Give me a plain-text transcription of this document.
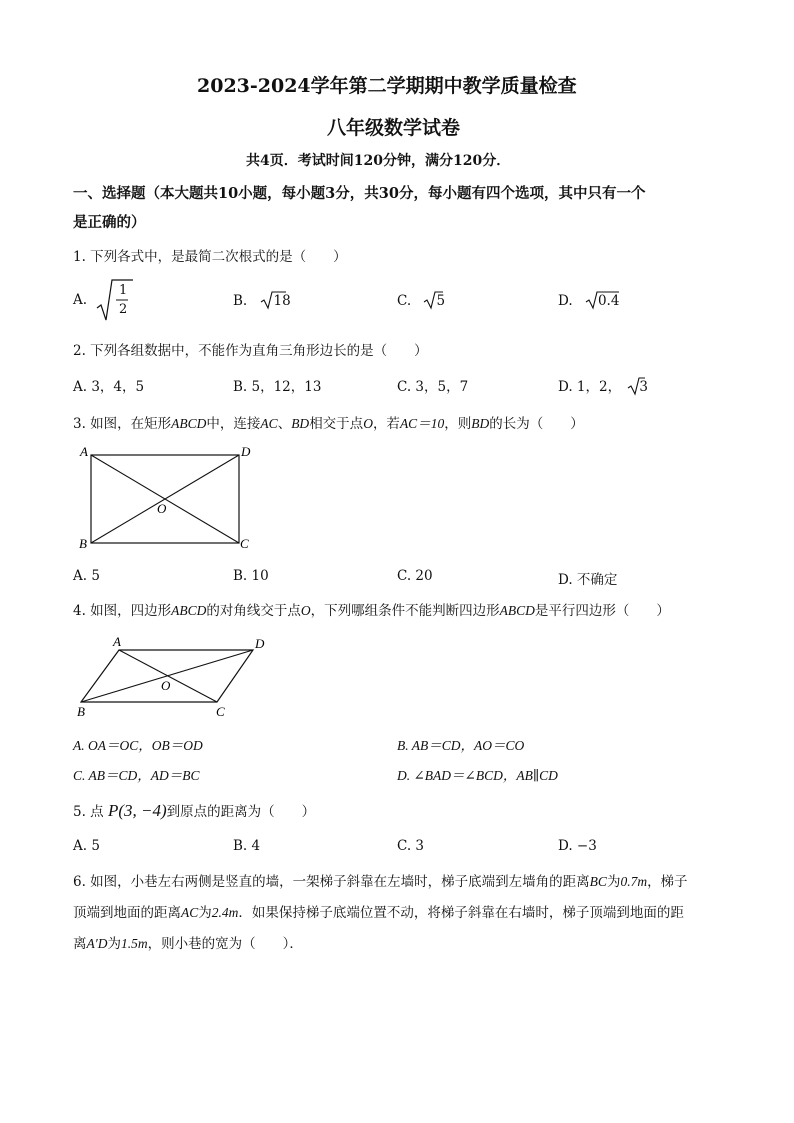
2023-2024学年第二学期期中教学质量检查
八年级数学试卷
共4页．考试时间120分钟，满分120分．
一、选择题（本大题共10小题，每小题3分，共30分，每小题有四个选项，其中只有一个
是正确的）
1. 下列各式中，是最简二次根式的是（　　）
A.
1
2
B. 18	C. 5	D. 0.4
2. 下列各组数据中，不能作为直角三角形边长的是（　　）
A. 3，4，5	B. 5，12，13	C. 3，5，7	D. 1，2， 3
3. 如图，在矩形ABCD中，连接AC、BD相交于点O，若AC＝10，则BD的长为（　　）
A	D
B	C
O
A. 5	B. 10	C. 20	D. 不确定
4. 如图，四边形ABCD的对角线交于点O，下列哪组条件不能判断四边形ABCD是平行四边形（　　）
A	D
B	C
O
A. OA＝OC，OB＝OD	B. AB＝CD，AO＝CO
C. AB＝CD，AD＝BC	D. ∠BAD＝∠BCD，AB∥CD
5. 点 P(3, −4)到原点的距离为（　　）
A. 5	B. 4	C. 3	D. −3
6. 如图，小巷左右两侧是竖直的墙，一架梯子斜靠在左墙时，梯子底端到左墙角的距离BC为0.7m，梯子
顶端到地面的距离AC为2.4m．如果保持梯子底端位置不动，将梯子斜靠在右墙时，梯子顶端到地面的距
离A′D为1.5m，则小巷的宽为（　　）．
